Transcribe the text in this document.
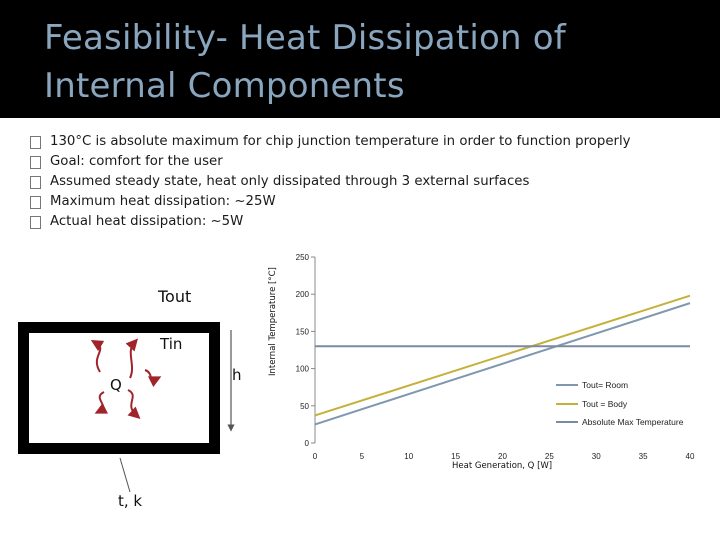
Feasibility- Heat Dissipation of
Internal Components
130°C is absolute maximum for chip junction temperature in order to function properly
Goal: comfort for the user
Assumed steady state, heat only dissipated through 3 external surfaces
Maximum heat dissipation: ~25W
Actual heat dissipation: ~5W
Tout
Tin
h
Q
t, k
0
50
100
150
200
250
0	5	10	15	20	25	30	35	40
Internal Temperature [°C]
Heat Generation, Q [W]
Tout= Room
Tout = Body
Absolute Max Temperature
